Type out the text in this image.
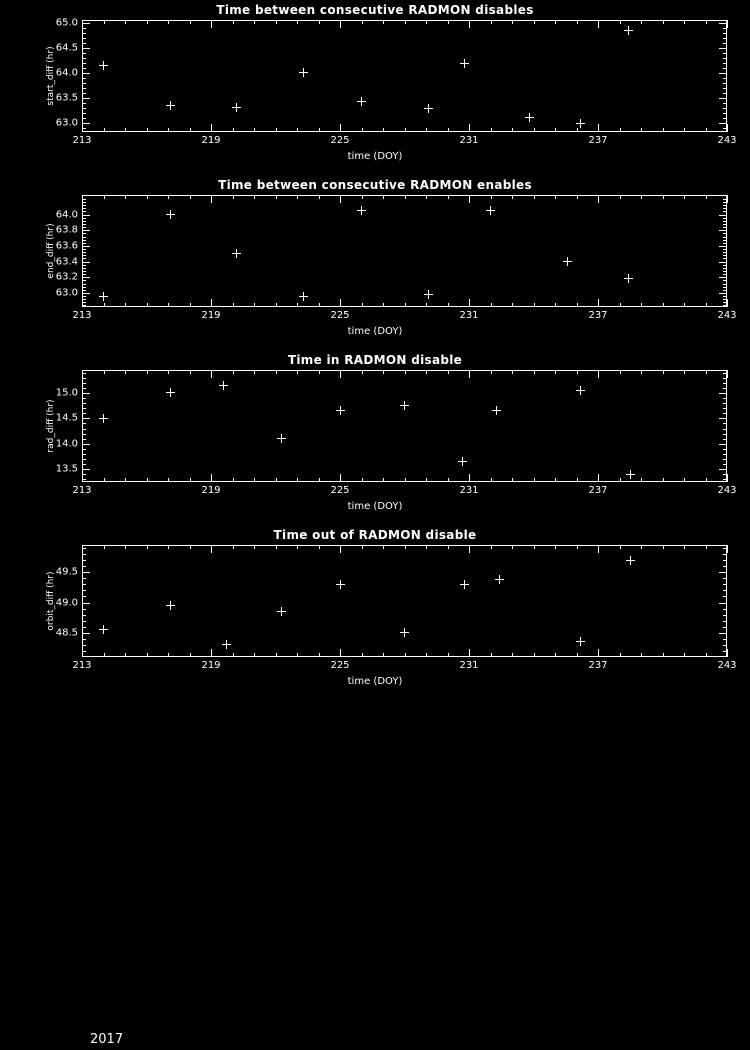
Time between consecutive RADMON disables
213	219	225	231	237	243
63.0
63.5
64.0
64.5
65.0
time (DOY)
start_diff (hr)
Time between consecutive RADMON enables
213	219	225	231	237	243
63.0
63.2
63.4
63.6
63.8
64.0
time (DOY)
end_diff (hr)
Time in RADMON disable
213	219	225	231	237	243
13.5
14.0
14.5
15.0
time (DOY)
rad_diff (hr)
Time out of RADMON disable
213	219	225	231	237	243
48.5
49.0
49.5
time (DOY)
orbit_diff (hr)
2017
